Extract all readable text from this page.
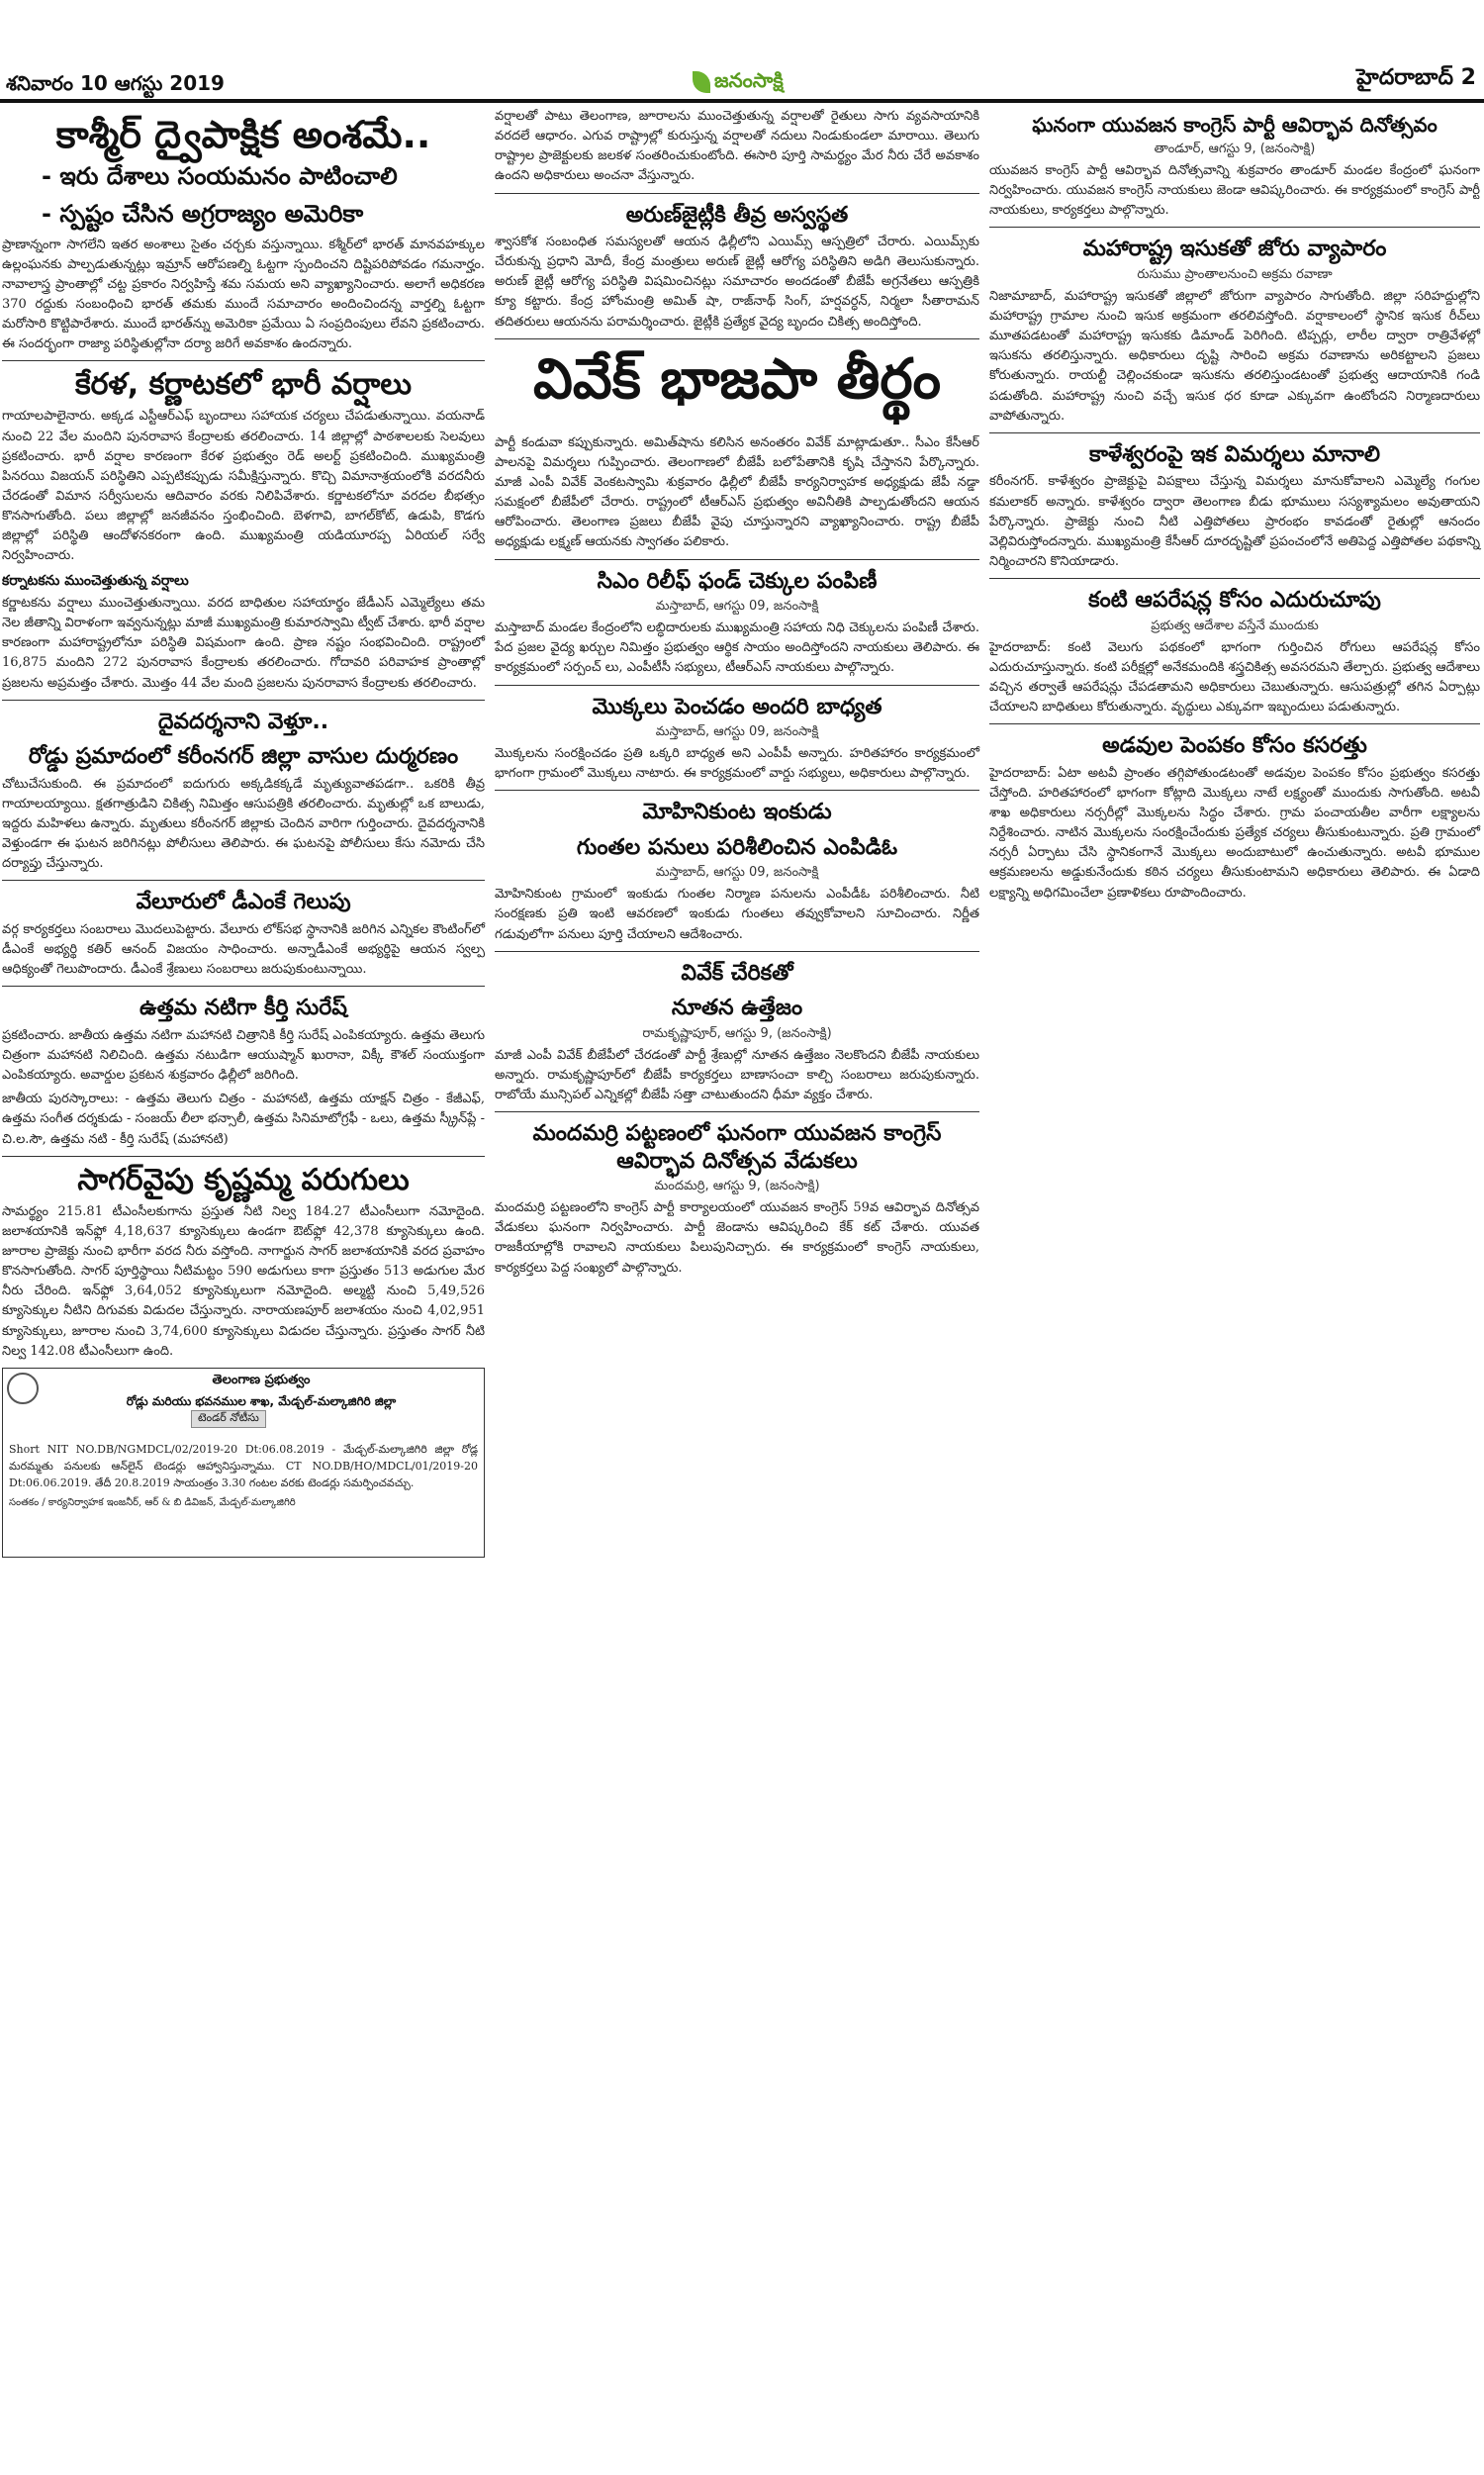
శనివారం 10 ఆగస్టు 2019	జనంసాక్షి	హైదరాబాద్ 2
కాశ్మీర్ ద్వైపాక్షిక అంశమే..
- ఇరు దేశాలు సంయమనం పాటించాలి
- స్పష్టం చేసిన అగ్రరాజ్యం అమెరికా

ప్రాణాన్నంగా సాగలేని ఇతర అంశాలు సైతం చర్చకు వస్తున్నాయి. కశ్మీర్‌లో భారత్ మానవహక్కుల ఉల్లంఘనకు పాల్పడుతున్నట్లు ఇమ్రాన్ ఆరోపణల్ని ఓట్టగా స్పందించని దిష్టిపరిపోవడం గమనార్హం. నావాలాస్త్ర ప్రాంతాల్లో చట్ట ప్రకారం నిర్వహిస్తే శమ సమయ అని వ్యాఖ్యానించారు. అలాగే అధికరణ 370 రద్దుకు సంబంధించి భారత్ తమకు ముందే సమాచారం అందించిందన్న వార్తల్ని ఓట్టగా మరోసారి కొట్టిపారేశారు. ముందే భారత్‌న్ను అమెరికా ప్రమేయి ఏ సంప్రదింపులు లేవని ప్రకటించారు. ఈ సందర్భంగా రాజ్యా పరిస్థితుల్లోనా దర్యా జరిగే అవకాశం ఉందన్నారు.

కేరళ, కర్ణాటకలో భారీ వర్షాలు

గాయాలపాలైనారు. అక్కడ ఎస్టీఆర్ఎఫ్ బృందాలు సహాయక చర్యలు చేపడుతున్నాయి. వయనాడ్ నుంచి 22 వేల మందిని పునరావాస కేంద్రాలకు తరలించారు. 14 జిల్లాల్లో పాఠశాలలకు సెలవులు ప్రకటించారు. భారీ వర్షాల కారణంగా కేరళ ప్రభుత్వం రెడ్ అలర్ట్ ప్రకటించింది. ముఖ్యమంత్రి పినరయి విజయన్ పరిస్థితిని ఎప్పటికప్పుడు సమీక్షిస్తున్నారు. కొచ్చి విమానాశ్రయంలోకి వరదనీరు చేరడంతో విమాన సర్వీసులను ఆదివారం వరకు నిలిపివేశారు. కర్ణాటకలోనూ వరదల బీభత్సం కొనసాగుతోంది. పలు జిల్లాల్లో జనజీవనం స్తంభించింది. బెళగావి, బాగల్‌కోట్, ఉడుపి, కొడగు జిల్లాల్లో పరిస్థితి ఆందోళనకరంగా ఉంది. ముఖ్యమంత్రి యడియూరప్ప ఏరియల్ సర్వే నిర్వహించారు.

కర్నాటకను ముంచెత్తుతున్న వర్షాలు

కర్ణాటకను వర్షాలు ముంచెత్తుతున్నాయి. వరద బాధితుల సహాయార్థం జేడీఎస్ ఎమ్మెల్యేలు తమ నెల జీతాన్ని విరాళంగా ఇవ్వనున్నట్లు మాజీ ముఖ్యమంత్రి కుమారస్వామి ట్వీట్ చేశారు. భారీ వర్షాల కారణంగా మహారాష్ట్రలోనూ పరిస్థితి విషమంగా ఉంది. ప్రాణ నష్టం సంభవించింది. రాష్ట్రంలో 16,875 మందిని 272 పునరావాస కేంద్రాలకు తరలించారు. గోదావరి పరివాహక ప్రాంతాల్లో ప్రజలను అప్రమత్తం చేశారు. మొత్తం 44 వేల మంది ప్రజలను పునరావాస కేంద్రాలకు తరలించారు.

దైవదర్శనాని వెళ్తూ..
రోడ్డు ప్రమాదంలో కరీంనగర్ జిల్లా వాసుల దుర్మరణం

చోటుచేసుకుంది. ఈ ప్రమాదంలో ఐదుగురు అక్కడికక్కడే మృత్యువాతపడగా.. ఒకరికి తీవ్ర గాయాలయ్యాయి. క్షతగాత్రుడిని చికిత్స నిమిత్తం ఆసుపత్రికి తరలించారు. మృతుల్లో ఒక బాలుడు, ఇద్దరు మహిళలు ఉన్నారు. మృతులు కరీంనగర్ జిల్లాకు చెందిన వారిగా గుర్తించారు. దైవదర్శనానికి వెళ్తుండగా ఈ ఘటన జరిగినట్లు పోలీసులు తెలిపారు. ఈ ఘటనపై పోలీసులు కేసు నమోదు చేసి దర్యాప్తు చేస్తున్నారు.

వేలూరులో డీఎంకే గెలుపు

వర్గ కార్యకర్తలు సంబరాలు మొదలుపెట్టారు. వేలూరు లోక్‌సభ స్థానానికి జరిగిన ఎన్నికల కౌంటింగ్‌లో డీఎంకే అభ్యర్థి కతిర్ ఆనంద్ విజయం సాధించారు. అన్నాడీఎంకే అభ్యర్థిపై ఆయన స్వల్ప ఆధిక్యంతో గెలుపొందారు. డీఎంకే శ్రేణులు సంబరాలు జరుపుకుంటున్నాయి.

ఉత్తమ నటిగా కీర్తి సురేష్

ప్రకటించారు. జాతీయ ఉత్తమ నటిగా మహానటి చిత్రానికి కీర్తి సురేష్ ఎంపికయ్యారు. ఉత్తమ తెలుగు చిత్రంగా మహానటి నిలిచింది. ఉత్తమ నటుడిగా ఆయుష్మాన్ ఖురానా, విక్కీ కౌశల్ సంయుక్తంగా ఎంపికయ్యారు. అవార్డుల ప్రకటన శుక్రవారం ఢిల్లీలో జరిగింది.

జాతీయ పురస్కారాలు: - ఉత్తమ తెలుగు చిత్రం - మహానటి, ఉత్తమ యాక్షన్ చిత్రం - కేజీఎఫ్, ఉత్తమ సంగీత దర్శకుడు - సంజయ్ లీలా భన్సాలీ, ఉత్తమ సినిమాటోగ్రఫీ - ఒలు, ఉత్తమ స్క్రీన్‌ప్లే - చి.ల.సౌ, ఉత్తమ నటి - కీర్తి సురేష్ (మహానటి)

సాగర్‌వైపు కృష్ణమ్మ పరుగులు

సామర్థ్యం 215.81 టీఎంసీలకుగాను ప్రస్తుత నీటి నిల్వ 184.27 టీఎంసీలుగా నమోదైంది. జలాశయానికి ఇన్‌ఫ్లో 4,18,637 క్యూసెక్కులు ఉండగా ఔట్‌ఫ్లో 42,378 క్యూసెక్కులు ఉంది. జూరాల ప్రాజెక్టు నుంచి భారీగా వరద నీరు వస్తోంది. నాగార్జున సాగర్ జలాశయానికి వరద ప్రవాహం కొనసాగుతోంది. సాగర్ పూర్తిస్థాయి నీటిమట్టం 590 అడుగులు కాగా ప్రస్తుతం 513 అడుగుల మేర నీరు చేరింది. ఇన్‌ఫ్లో 3,64,052 క్యూసెక్కులుగా నమోదైంది. అల్మట్టి నుంచి 5,49,526 క్యూసెక్కుల నీటిని దిగువకు విడుదల చేస్తున్నారు. నారాయణపూర్ జలాశయం నుంచి 4,02,951 క్యూసెక్కులు, జూరాల నుంచి 3,74,600 క్యూసెక్కులు విడుదల చేస్తున్నారు. ప్రస్తుతం సాగర్ నీటి నిల్వ 142.08 టీఎంసీలుగా ఉంది.

తెలంగాణ ప్రభుత్వం
రోడ్లు మరియు భవనముల శాఖ, మేడ్చల్-మల్కాజిగిరి జిల్లా
టెండర్ నోటీసు

Short NIT NO.DB/NGMDCL/02/2019-20 Dt:06.08.2019 - మేడ్చల్-మల్కాజిగిరి జిల్లా రోడ్ల మరమ్మతు పనులకు ఆన్‌లైన్ టెండర్లు ఆహ్వానిస్తున్నాము. CT NO.DB/HO/MDCL/01/2019-20 Dt:06.06.2019. తేదీ 20.8.2019 సాయంత్రం 3.30 గంటల వరకు టెండర్లు సమర్పించవచ్చు.

సంతకం / కార్యనిర్వాహక ఇంజనీర్, ఆర్ & బి డివిజన్, మేడ్చల్-మల్కాజిగిరి

వర్షాలతో పాటు తెలంగాణ, జూరాలను ముంచెత్తుతున్న వర్షాలతో రైతులు సాగు వ్యవసాయానికి వరదలే ఆధారం. ఎగువ రాష్ట్రాల్లో కురుస్తున్న వర్షాలతో నదులు నిండుకుండలా మారాయి. తెలుగు రాష్ట్రాల ప్రాజెక్టులకు జలకళ సంతరించుకుంటోంది. ఈసారి పూర్తి సామర్థ్యం మేర నీరు చేరే అవకాశం ఉందని అధికారులు అంచనా వేస్తున్నారు.

అరుణ్‌జైట్లీకి తీవ్ర అస్వస్థత

శ్వాసకోశ సంబంధిత సమస్యలతో ఆయన ఢిల్లీలోని ఎయిమ్స్ ఆస్పత్రిలో చేరారు. ఎయిమ్స్‌కు చేరుకున్న ప్రధాని మోదీ, కేంద్ర మంత్రులు అరుణ్ జైట్లీ ఆరోగ్య పరిస్థితిని అడిగి తెలుసుకున్నారు. అరుణ్ జైట్లీ ఆరోగ్య పరిస్థితి విషమించినట్లు సమాచారం అందడంతో బీజేపీ అగ్రనేతలు ఆస్పత్రికి క్యూ కట్టారు. కేంద్ర హోంమంత్రి అమిత్ షా, రాజ్‌నాథ్ సింగ్, హర్షవర్ధన్, నిర్మలా సీతారామన్ తదితరులు ఆయనను పరామర్శించారు. జైట్లీకి ప్రత్యేక వైద్య బృందం చికిత్స అందిస్తోంది.

వివేక్ భాజపా తీర్థం

పార్టీ కండువా కప్పుకున్నారు. అమిత్‌షాను కలిసిన అనంతరం వివేక్ మాట్లాడుతూ.. సీఎం కేసీఆర్ పాలనపై విమర్శలు గుప్పించారు. తెలంగాణలో బీజేపీ బలోపేతానికి కృషి చేస్తానని పేర్కొన్నారు. మాజీ ఎంపీ వివేక్ వెంకటస్వామి శుక్రవారం ఢిల్లీలో బీజేపీ కార్యనిర్వాహక అధ్యక్షుడు జేపీ నడ్డా సమక్షంలో బీజేపీలో చేరారు. రాష్ట్రంలో టీఆర్ఎస్ ప్రభుత్వం అవినీతికి పాల్పడుతోందని ఆయన ఆరోపించారు. తెలంగాణ ప్రజలు బీజేపీ వైపు చూస్తున్నారని వ్యాఖ్యానించారు. రాష్ట్ర బీజేపీ అధ్యక్షుడు లక్ష్మణ్ ఆయనకు స్వాగతం పలికారు.

సిఎం రిలీఫ్ ఫండ్ చెక్కుల పంపిణీ
మస్తాబాద్, ఆగస్టు 09, జనంసాక్షి

మస్తాబాద్ మండల కేంద్రంలోని లబ్ధిదారులకు ముఖ్యమంత్రి సహాయ నిధి చెక్కులను పంపిణీ చేశారు. పేద ప్రజల వైద్య ఖర్చుల నిమిత్తం ప్రభుత్వం ఆర్థిక సాయం అందిస్తోందని నాయకులు తెలిపారు. ఈ కార్యక్రమంలో సర్పంచ్ లు, ఎంపీటీసీ సభ్యులు, టీఆర్ఎస్ నాయకులు పాల్గొన్నారు.

మొక్కలు పెంచడం అందరి బాధ్యత
మస్తాబాద్, ఆగస్టు 09, జనంసాక్షి

మొక్కలను సంరక్షించడం ప్రతి ఒక్కరి బాధ్యత అని ఎంపీపీ అన్నారు. హరితహారం కార్యక్రమంలో భాగంగా గ్రామంలో మొక్కలు నాటారు. ఈ కార్యక్రమంలో వార్డు సభ్యులు, అధికారులు పాల్గొన్నారు.

మోహినికుంట ఇంకుడు
గుంతల పనులు పరిశీలించిన ఎంపిడిఓ
మస్తాబాద్, ఆగస్టు 09, జనంసాక్షి

మోహినికుంట గ్రామంలో ఇంకుడు గుంతల నిర్మాణ పనులను ఎంపీడీఓ పరిశీలించారు. నీటి సంరక్షణకు ప్రతి ఇంటి ఆవరణలో ఇంకుడు గుంతలు తవ్వుకోవాలని సూచించారు. నిర్ణీత గడువులోగా పనులు పూర్తి చేయాలని ఆదేశించారు.

వివేక్ చేరికతో
నూతన ఉత్తేజం
రామకృష్ణాపూర్, ఆగస్టు 9, (జనంసాక్షి)

మాజీ ఎంపీ వివేక్ బీజేపీలో చేరడంతో పార్టీ శ్రేణుల్లో నూతన ఉత్తేజం నెలకొందని బీజేపీ నాయకులు అన్నారు. రామకృష్ణాపూర్‌లో బీజేపీ కార్యకర్తలు బాణాసంచా కాల్చి సంబరాలు జరుపుకున్నారు. రాబోయే మున్సిపల్ ఎన్నికల్లో బీజేపీ సత్తా చాటుతుందని ధీమా వ్యక్తం చేశారు.

మందమర్రి పట్టణంలో ఘనంగా యువజన కాంగ్రెస్ ఆవిర్భావ దినోత్సవ వేడుకలు
మందమర్రి, ఆగస్టు 9, (జనంసాక్షి)

మందమర్రి పట్టణంలోని కాంగ్రెస్ పార్టీ కార్యాలయంలో యువజన కాంగ్రెస్ 59వ ఆవిర్భావ దినోత్సవ వేడుకలు ఘనంగా నిర్వహించారు. పార్టీ జెండాను ఆవిష్కరించి కేక్ కట్ చేశారు. యువత రాజకీయాల్లోకి రావాలని నాయకులు పిలుపునిచ్చారు. ఈ కార్యక్రమంలో కాంగ్రెస్ నాయకులు, కార్యకర్తలు పెద్ద సంఖ్యలో పాల్గొన్నారు.

ఘనంగా యువజన కాంగ్రెస్ పార్టీ ఆవిర్భావ దినోత్సవం
తాండూర్, ఆగస్టు 9, (జనంసాక్షి)

యువజన కాంగ్రెస్ పార్టీ ఆవిర్భావ దినోత్సవాన్ని శుక్రవారం తాండూర్ మండల కేంద్రంలో ఘనంగా నిర్వహించారు. యువజన కాంగ్రెస్ నాయకులు జెండా ఆవిష్కరించారు. ఈ కార్యక్రమంలో కాంగ్రెస్ పార్టీ నాయకులు, కార్యకర్తలు పాల్గొన్నారు.

మహారాష్ట్ర ఇసుకతో జోరు వ్యాపారం
రుసుము ప్రాంతాలనుంచి అక్రమ రవాణా

నిజామాబాద్, మహారాష్ట్ర ఇసుకతో జిల్లాలో జోరుగా వ్యాపారం సాగుతోంది. జిల్లా సరిహద్దుల్లోని మహారాష్ట్ర గ్రామాల నుంచి ఇసుక అక్రమంగా తరలివస్తోంది. వర్షాకాలంలో స్థానిక ఇసుక రీచ్‌లు మూతపడటంతో మహారాష్ట్ర ఇసుకకు డిమాండ్ పెరిగింది. టిప్పర్లు, లారీల ద్వారా రాత్రివేళల్లో ఇసుకను తరలిస్తున్నారు. అధికారులు దృష్టి సారించి అక్రమ రవాణాను అరికట్టాలని ప్రజలు కోరుతున్నారు. రాయల్టీ చెల్లించకుండా ఇసుకను తరలిస్తుండటంతో ప్రభుత్వ ఆదాయానికి గండి పడుతోంది. మహారాష్ట్ర నుంచి వచ్చే ఇసుక ధర కూడా ఎక్కువగా ఉంటోందని నిర్మాణదారులు వాపోతున్నారు.

కాళేశ్వరంపై ఇక విమర్శలు మానాలి

కరీంనగర్. కాళేశ్వరం ప్రాజెక్టుపై విపక్షాలు చేస్తున్న విమర్శలు మానుకోవాలని ఎమ్మెల్యే గంగుల కమలాకర్ అన్నారు. కాళేశ్వరం ద్వారా తెలంగాణ బీడు భూములు సస్యశ్యామలం అవుతాయని పేర్కొన్నారు. ప్రాజెక్టు నుంచి నీటి ఎత్తిపోతలు ప్రారంభం కావడంతో రైతుల్లో ఆనందం వెల్లివిరుస్తోందన్నారు. ముఖ్యమంత్రి కేసీఆర్ దూరదృష్టితో ప్రపంచంలోనే అతిపెద్ద ఎత్తిపోతల పథకాన్ని నిర్మించారని కొనియాడారు.

కంటి ఆపరేషన్ల కోసం ఎదురుచూపు
ప్రభుత్వ ఆదేశాల వస్తేనే ముందుకు

హైదరాబాద్: కంటి వెలుగు పథకంలో భాగంగా గుర్తించిన రోగులు ఆపరేషన్ల కోసం ఎదురుచూస్తున్నారు. కంటి పరీక్షల్లో అనేకమందికి శస్త్రచికిత్స అవసరమని తేల్చారు. ప్రభుత్వ ఆదేశాలు వచ్చిన తర్వాతే ఆపరేషన్లు చేపడతామని అధికారులు చెబుతున్నారు. ఆసుపత్రుల్లో తగిన ఏర్పాట్లు చేయాలని బాధితులు కోరుతున్నారు. వృద్ధులు ఎక్కువగా ఇబ్బందులు పడుతున్నారు.

అడవుల పెంపకం కోసం కసరత్తు

హైదరాబాద్: ఏటా అటవీ ప్రాంతం తగ్గిపోతుండటంతో అడవుల పెంపకం కోసం ప్రభుత్వం కసరత్తు చేస్తోంది. హరితహారంలో భాగంగా కోట్లాది మొక్కలు నాటే లక్ష్యంతో ముందుకు సాగుతోంది. అటవీ శాఖ అధికారులు నర్సరీల్లో మొక్కలను సిద్ధం చేశారు. గ్రామ పంచాయతీల వారీగా లక్ష్యాలను నిర్దేశించారు. నాటిన మొక్కలను సంరక్షించేందుకు ప్రత్యేక చర్యలు తీసుకుంటున్నారు. ప్రతి గ్రామంలో నర్సరీ ఏర్పాటు చేసి స్థానికంగానే మొక్కలు అందుబాటులో ఉంచుతున్నారు. అటవీ భూముల ఆక్రమణలను అడ్డుకునేందుకు కఠిన చర్యలు తీసుకుంటామని అధికారులు తెలిపారు. ఈ ఏడాది లక్ష్యాన్ని అధిగమించేలా ప్రణాళికలు రూపొందించారు.
